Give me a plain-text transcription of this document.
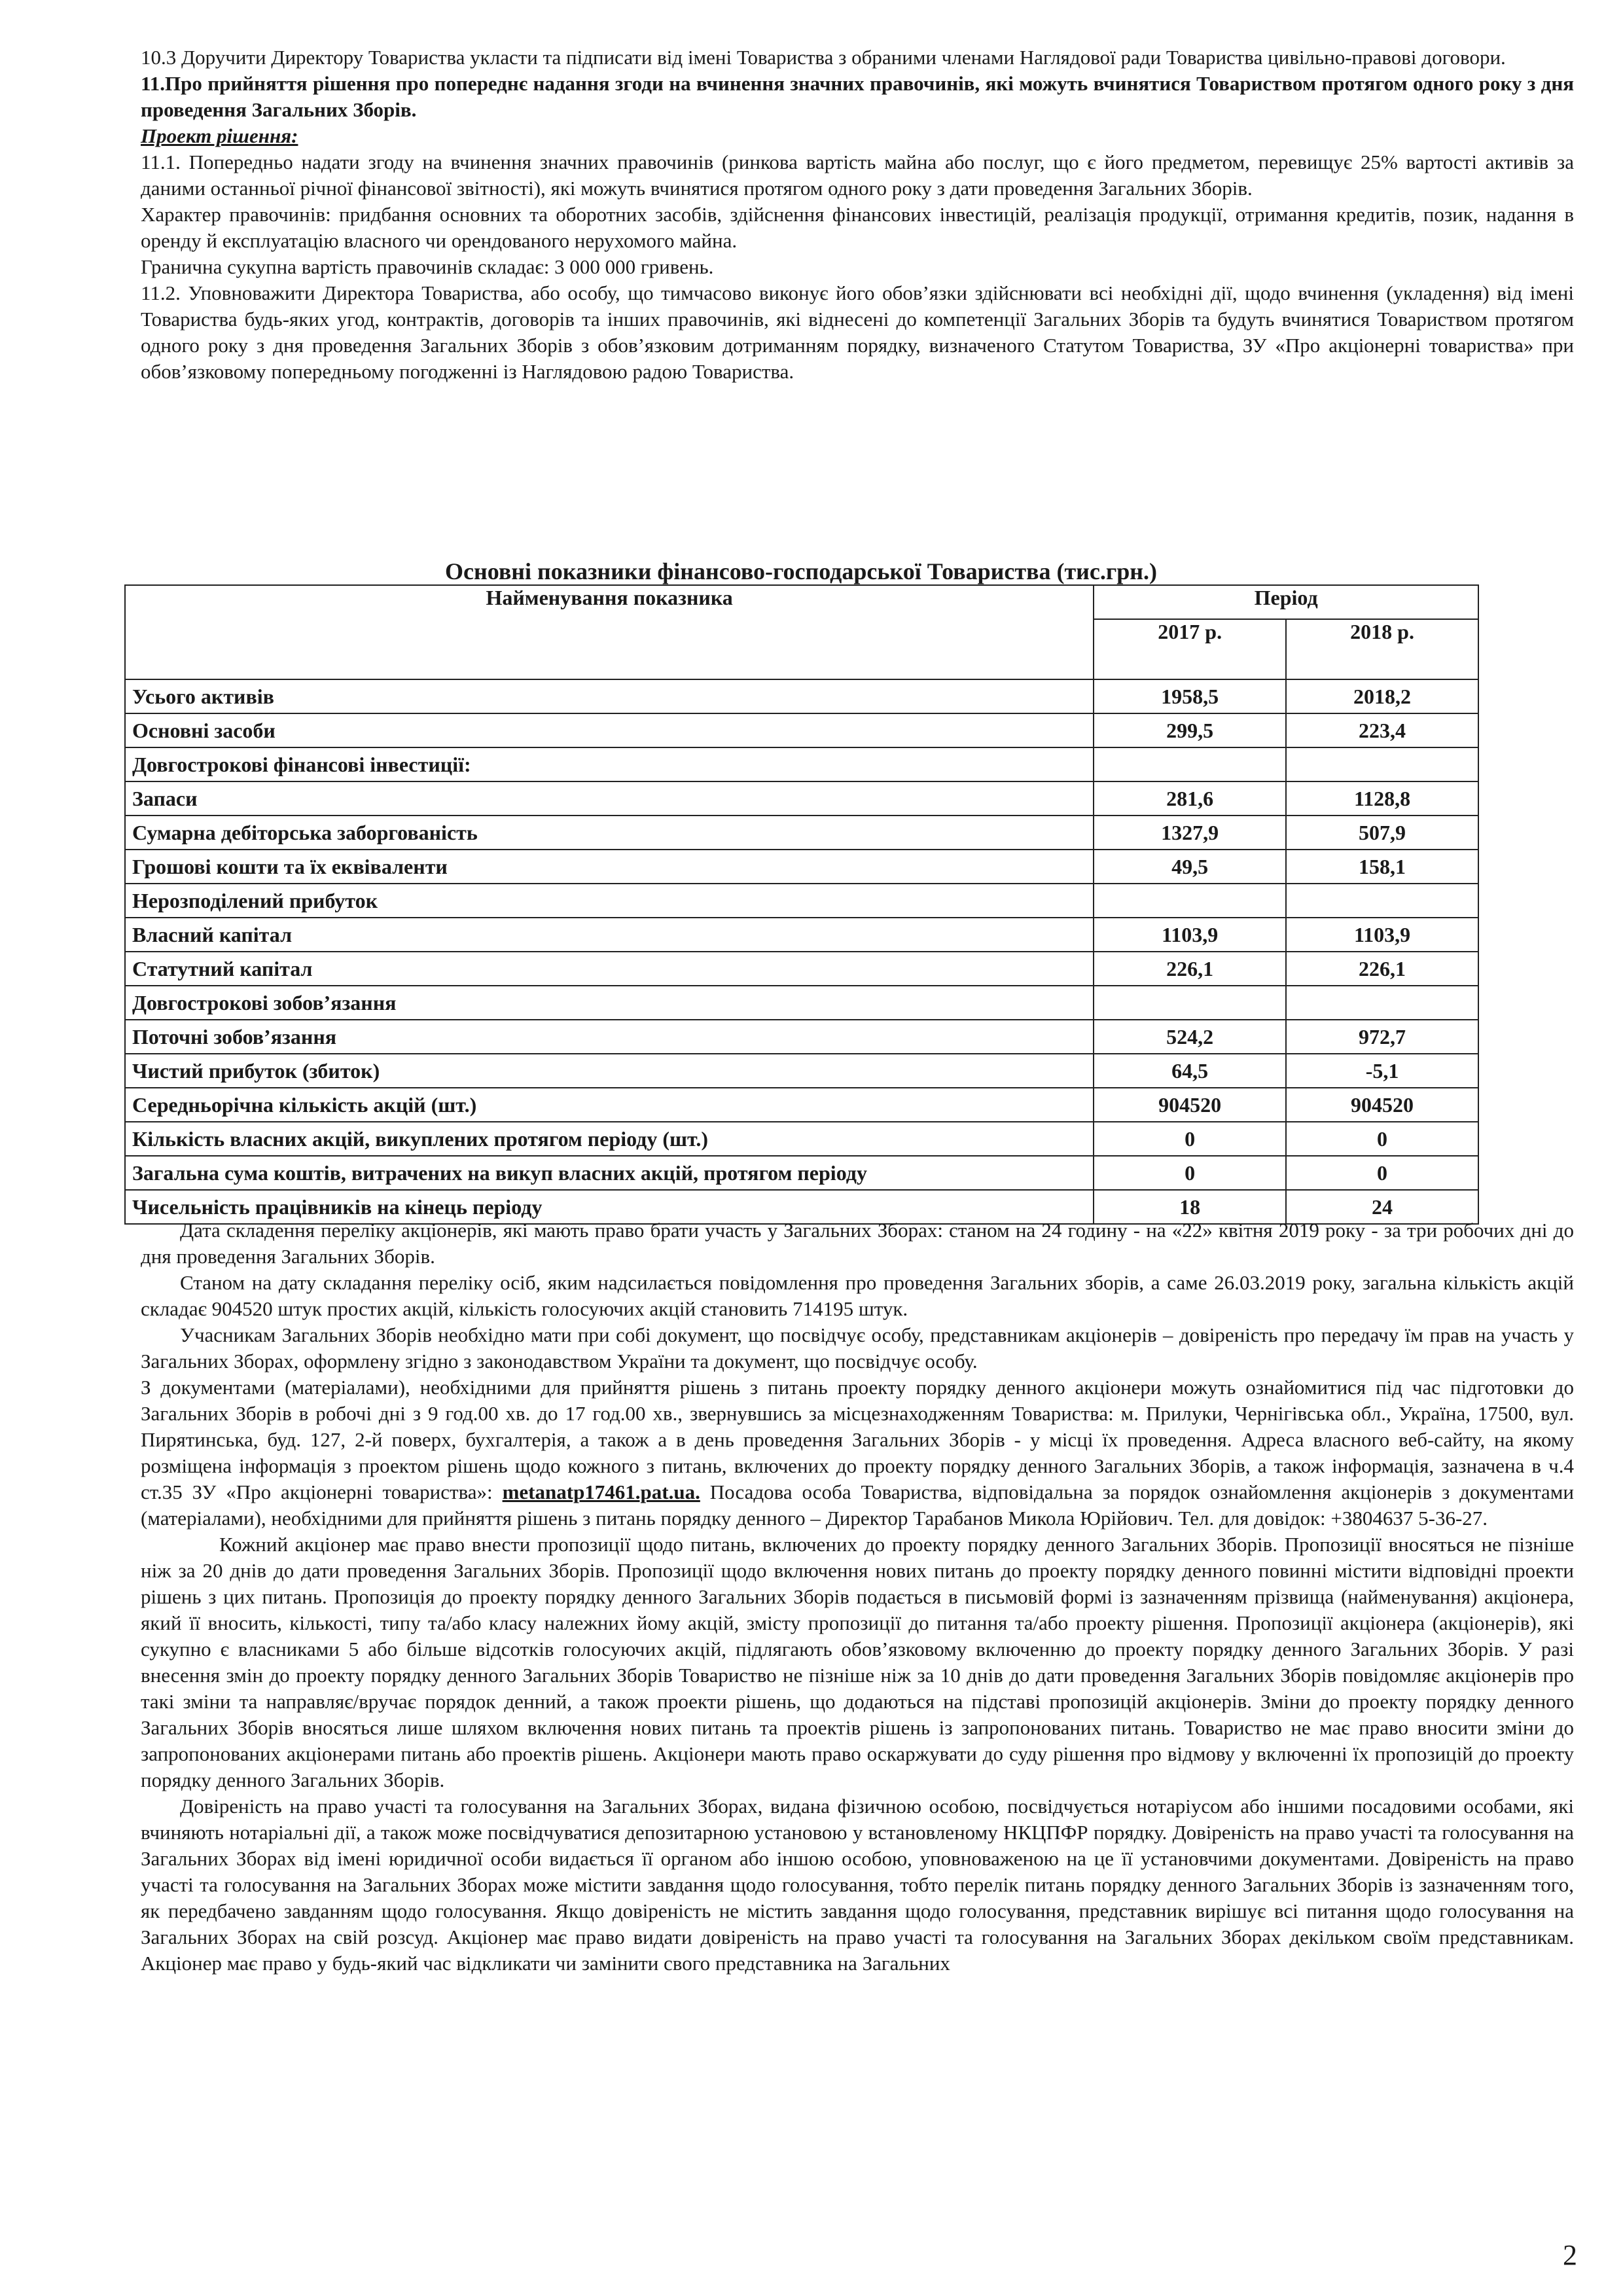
10.3 Доручити Директору Товариства укласти та підписати від імені Товариства з обраними членами Наглядової ради Товариства цивільно-правові договори.

11.Про прийняття рішення про попереднє надання згоди на вчинення значних правочинів, які можуть вчинятися Товариством протягом одного року з дня проведення Загальних Зборів.

Проект рішення:

11.1. Попередньо надати згоду на вчинення значних правочинів (ринкова вартість майна або послуг, що є його предметом, перевищує 25% вартості активів за даними останньої річної фінансової звітності), які можуть вчинятися протягом одного року з дати проведення Загальних Зборів.

Характер правочинів: придбання основних та оборотних засобів, здійснення фінансових інвестицій, реалізація продукції, отримання кредитів, позик, надання в оренду й експлуатацію власного чи орендованого нерухомого майна.

Гранична сукупна вартість правочинів складає: 3 000 000 гривень.

11.2. Уповноважити Директора Товариства, або особу, що тимчасово виконує його обов’язки здійснювати всі необхідні дії, щодо вчинення (укладення) від імені Товариства будь-яких угод, контрактів, договорів та інших правочинів, які віднесені до компетенції Загальних Зборів та будуть вчинятися Товариством протягом одного року з дня проведення Загальних Зборів з обов’язковим дотриманням порядку, визначеного Статутом Товариства, ЗУ «Про акціонерні товариства» при обов’язковому попередньому погодженні із Наглядовою радою Товариства.

Основні показники фінансово-господарської Товариства (тис.грн.)
Найменування показника	Період	
	2017 р.	2018 р.
Усього активів	1958,5	2018,2
Основні засоби	299,5	223,4
Довгострокові фінансові інвестиції:		
Запаси	281,6	1128,8
Сумарна дебіторська заборгованість	1327,9	507,9
Грошові кошти та їх еквіваленти	49,5	158,1
Нерозподілений прибуток		
Власний капітал	1103,9	1103,9
Статутний капітал	226,1	226,1
Довгострокові зобов’язання		
Поточні зобов’язання	524,2	972,7
Чистий прибуток (збиток)	64,5	-5,1
Середньорічна кількість акцій (шт.)	904520	904520
Кількість власних акцій, викуплених протягом періоду (шт.)	0	0
Загальна сума коштів, витрачених на викуп власних акцій, протягом періоду	0	0
Чисельність працівників на кінець періоду	18	24

Дата складення переліку акціонерів, які мають право брати участь у Загальних Зборах: станом на 24 годину - на «22» квітня 2019 року - за три робочих дні до дня проведення Загальних Зборів.

Станом на дату складання переліку осіб, яким надсилається повідомлення про проведення Загальних зборів, а саме 26.03.2019 року, загальна кількість акцій складає 904520 штук простих акцій, кількість голосуючих акцій становить 714195 штук.

Учасникам Загальних Зборів необхідно мати при собі документ, що посвідчує особу, представникам акціонерів – довіреність про передачу їм прав на участь у Загальних Зборах, оформлену згідно з законодавством України та документ, що посвідчує особу.

З документами (матеріалами), необхідними для прийняття рішень з питань проекту порядку денного акціонери можуть ознайомитися під час підготовки до Загальних Зборів в робочі дні з 9 год.00 хв. до 17 год.00 хв., звернувшись за місцезнаходженням Товариства: м. Прилуки, Чернігівська обл., Україна, 17500, вул. Пирятинська, буд. 127, 2-й поверх, бухгалтерія, а також а в день проведення Загальних Зборів - у місці їх проведення. Адреса власного веб-сайту, на якому розміщена інформація з проектом рішень щодо кожного з питань, включених до проекту порядку денного Загальних Зборів, а також інформація, зазначена в ч.4 ст.35 ЗУ «Про акціонерні товариства»: metanatp17461.pat.ua. Посадова особа Товариства, відповідальна за порядок ознайомлення акціонерів з документами (матеріалами), необхідними для прийняття рішень з питань порядку денного – Директор Тарабанов Микола Юрійович. Тел. для довідок: +3804637 5-36-27.

Кожний акціонер має право внести пропозиції щодо питань, включених до проекту порядку денного Загальних Зборів. Пропозиції вносяться не пізніше ніж за 20 днів до дати проведення Загальних Зборів. Пропозиції щодо включення нових питань до проекту порядку денного повинні містити відповідні проекти рішень з цих питань. Пропозиція до проекту порядку денного Загальних Зборів подається в письмовій формі із зазначенням прізвища (найменування) акціонера, який її вносить, кількості, типу та/або класу належних йому акцій, змісту пропозиції до питання та/або проекту рішення. Пропозиції акціонера (акціонерів), які сукупно є власниками 5 або більше відсотків голосуючих акцій, підлягають обов’язковому включенню до проекту порядку денного Загальних Зборів. У разі внесення змін до проекту порядку денного Загальних Зборів Товариство не пізніше ніж за 10 днів до дати проведення Загальних Зборів повідомляє акціонерів про такі зміни та направляє/вручає порядок денний, а також проекти рішень, що додаються на підставі пропозицій акціонерів. Зміни до проекту порядку денного Загальних Зборів вносяться лише шляхом включення нових питань та проектів рішень із запропонованих питань. Товариство не має право вносити зміни до запропонованих акціонерами питань або проектів рішень. Акціонери мають право оскаржувати до суду рішення про відмову у включенні їх пропозицій до проекту порядку денного Загальних Зборів.

Довіреність на право участі та голосування на Загальних Зборах, видана фізичною особою, посвідчується нотаріусом або іншими посадовими особами, які вчиняють нотаріальні дії, а також може посвідчуватися депозитарною установою у встановленому НКЦПФР порядку. Довіреність на право участі та голосування на Загальних Зборах від імені юридичної особи видається її органом або іншою особою, уповноваженою на це її установчими документами. Довіреність на право участі та голосування на Загальних Зборах може містити завдання щодо голосування, тобто перелік питань порядку денного Загальних Зборів із зазначенням того, як передбачено завданням щодо голосування. Якщо довіреність не містить завдання щодо голосування, представник вирішує всі питання щодо голосування на Загальних Зборах на свій розсуд. Акціонер має право видати довіреність на право участі та голосування на Загальних Зборах декільком своїм представникам. Акціонер має право у будь-який час відкликати чи замінити свого представника на Загальних

2
